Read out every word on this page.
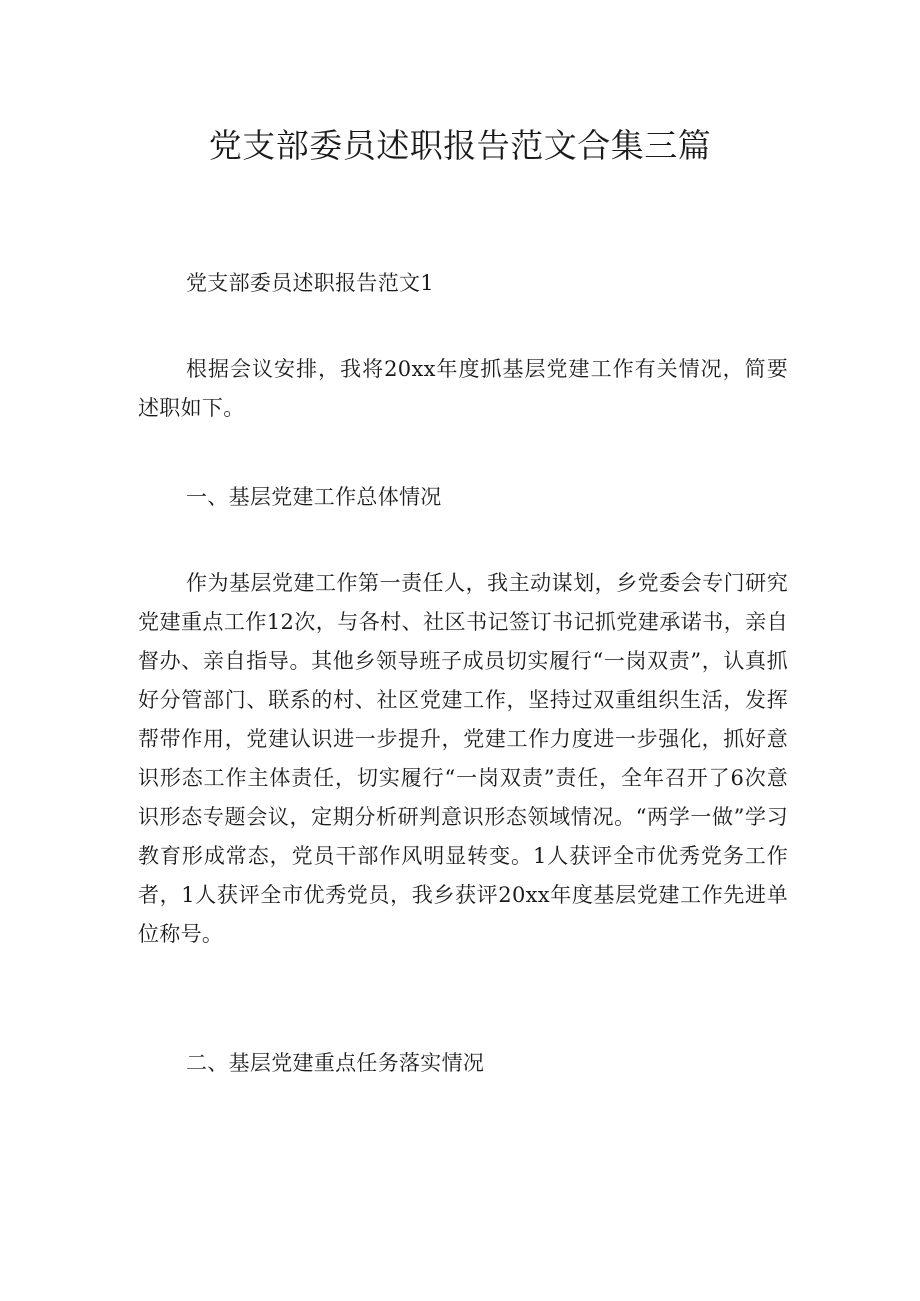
党支部委员述职报告范文合集三篇

党支部委员述职报告范文1

根据会议安排，我将20xx年度抓基层党建工作有关情况，简要述职如下。

一、基层党建工作总体情况

作为基层党建工作第一责任人，我主动谋划，乡党委会专门研究党建重点工作12次，与各村、社区书记签订书记抓党建承诺书，亲自督办、亲自指导。其他乡领导班子成员切实履行“一岗双责”，认真抓好分管部门、联系的村、社区党建工作，坚持过双重组织生活，发挥帮带作用，党建认识进一步提升，党建工作力度进一步强化，抓好意识形态工作主体责任，切实履行“一岗双责”责任，全年召开了6次意识形态专题会议，定期分析研判意识形态领域情况。“两学一做”学习教育形成常态，党员干部作风明显转变。1人获评全市优秀党务工作者，1人获评全市优秀党员，我乡获评20xx年度基层党建工作先进单位称号。

二、基层党建重点任务落实情况
